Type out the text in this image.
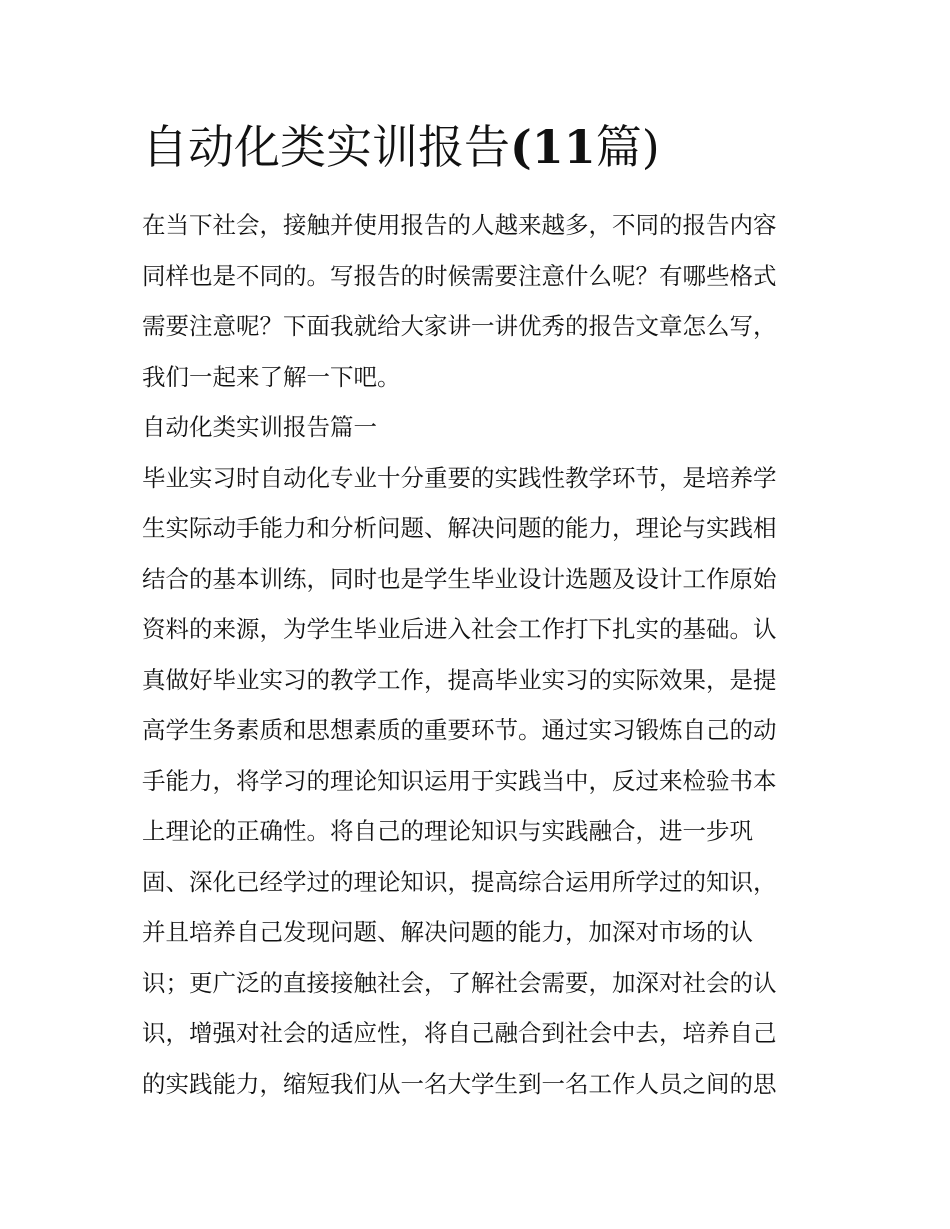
自动化类实训报告(11篇)
在当下社会，接触并使用报告的人越来越多，不同的报告内容
同样也是不同的。写报告的时候需要注意什么呢？有哪些格式
需要注意呢？下面我就给大家讲一讲优秀的报告文章怎么写，
我们一起来了解一下吧。
自动化类实训报告篇一
毕业实习时自动化专业十分重要的实践性教学环节，是培养学
生实际动手能力和分析问题、解决问题的能力，理论与实践相
结合的基本训练，同时也是学生毕业设计选题及设计工作原始
资料的来源，为学生毕业后进入社会工作打下扎实的基础。认
真做好毕业实习的教学工作，提高毕业实习的实际效果，是提
高学生务素质和思想素质的重要环节。通过实习锻炼自己的动
手能力，将学习的理论知识运用于实践当中，反过来检验书本
上理论的正确性。将自己的理论知识与实践融合，进一步巩
固、深化已经学过的理论知识，提高综合运用所学过的知识，
并且培养自己发现问题、解决问题的能力，加深对市场的认
识；更广泛的直接接触社会，了解社会需要，加深对社会的认
识，增强对社会的适应性，将自己融合到社会中去，培养自己
的实践能力，缩短我们从一名大学生到一名工作人员之间的思
